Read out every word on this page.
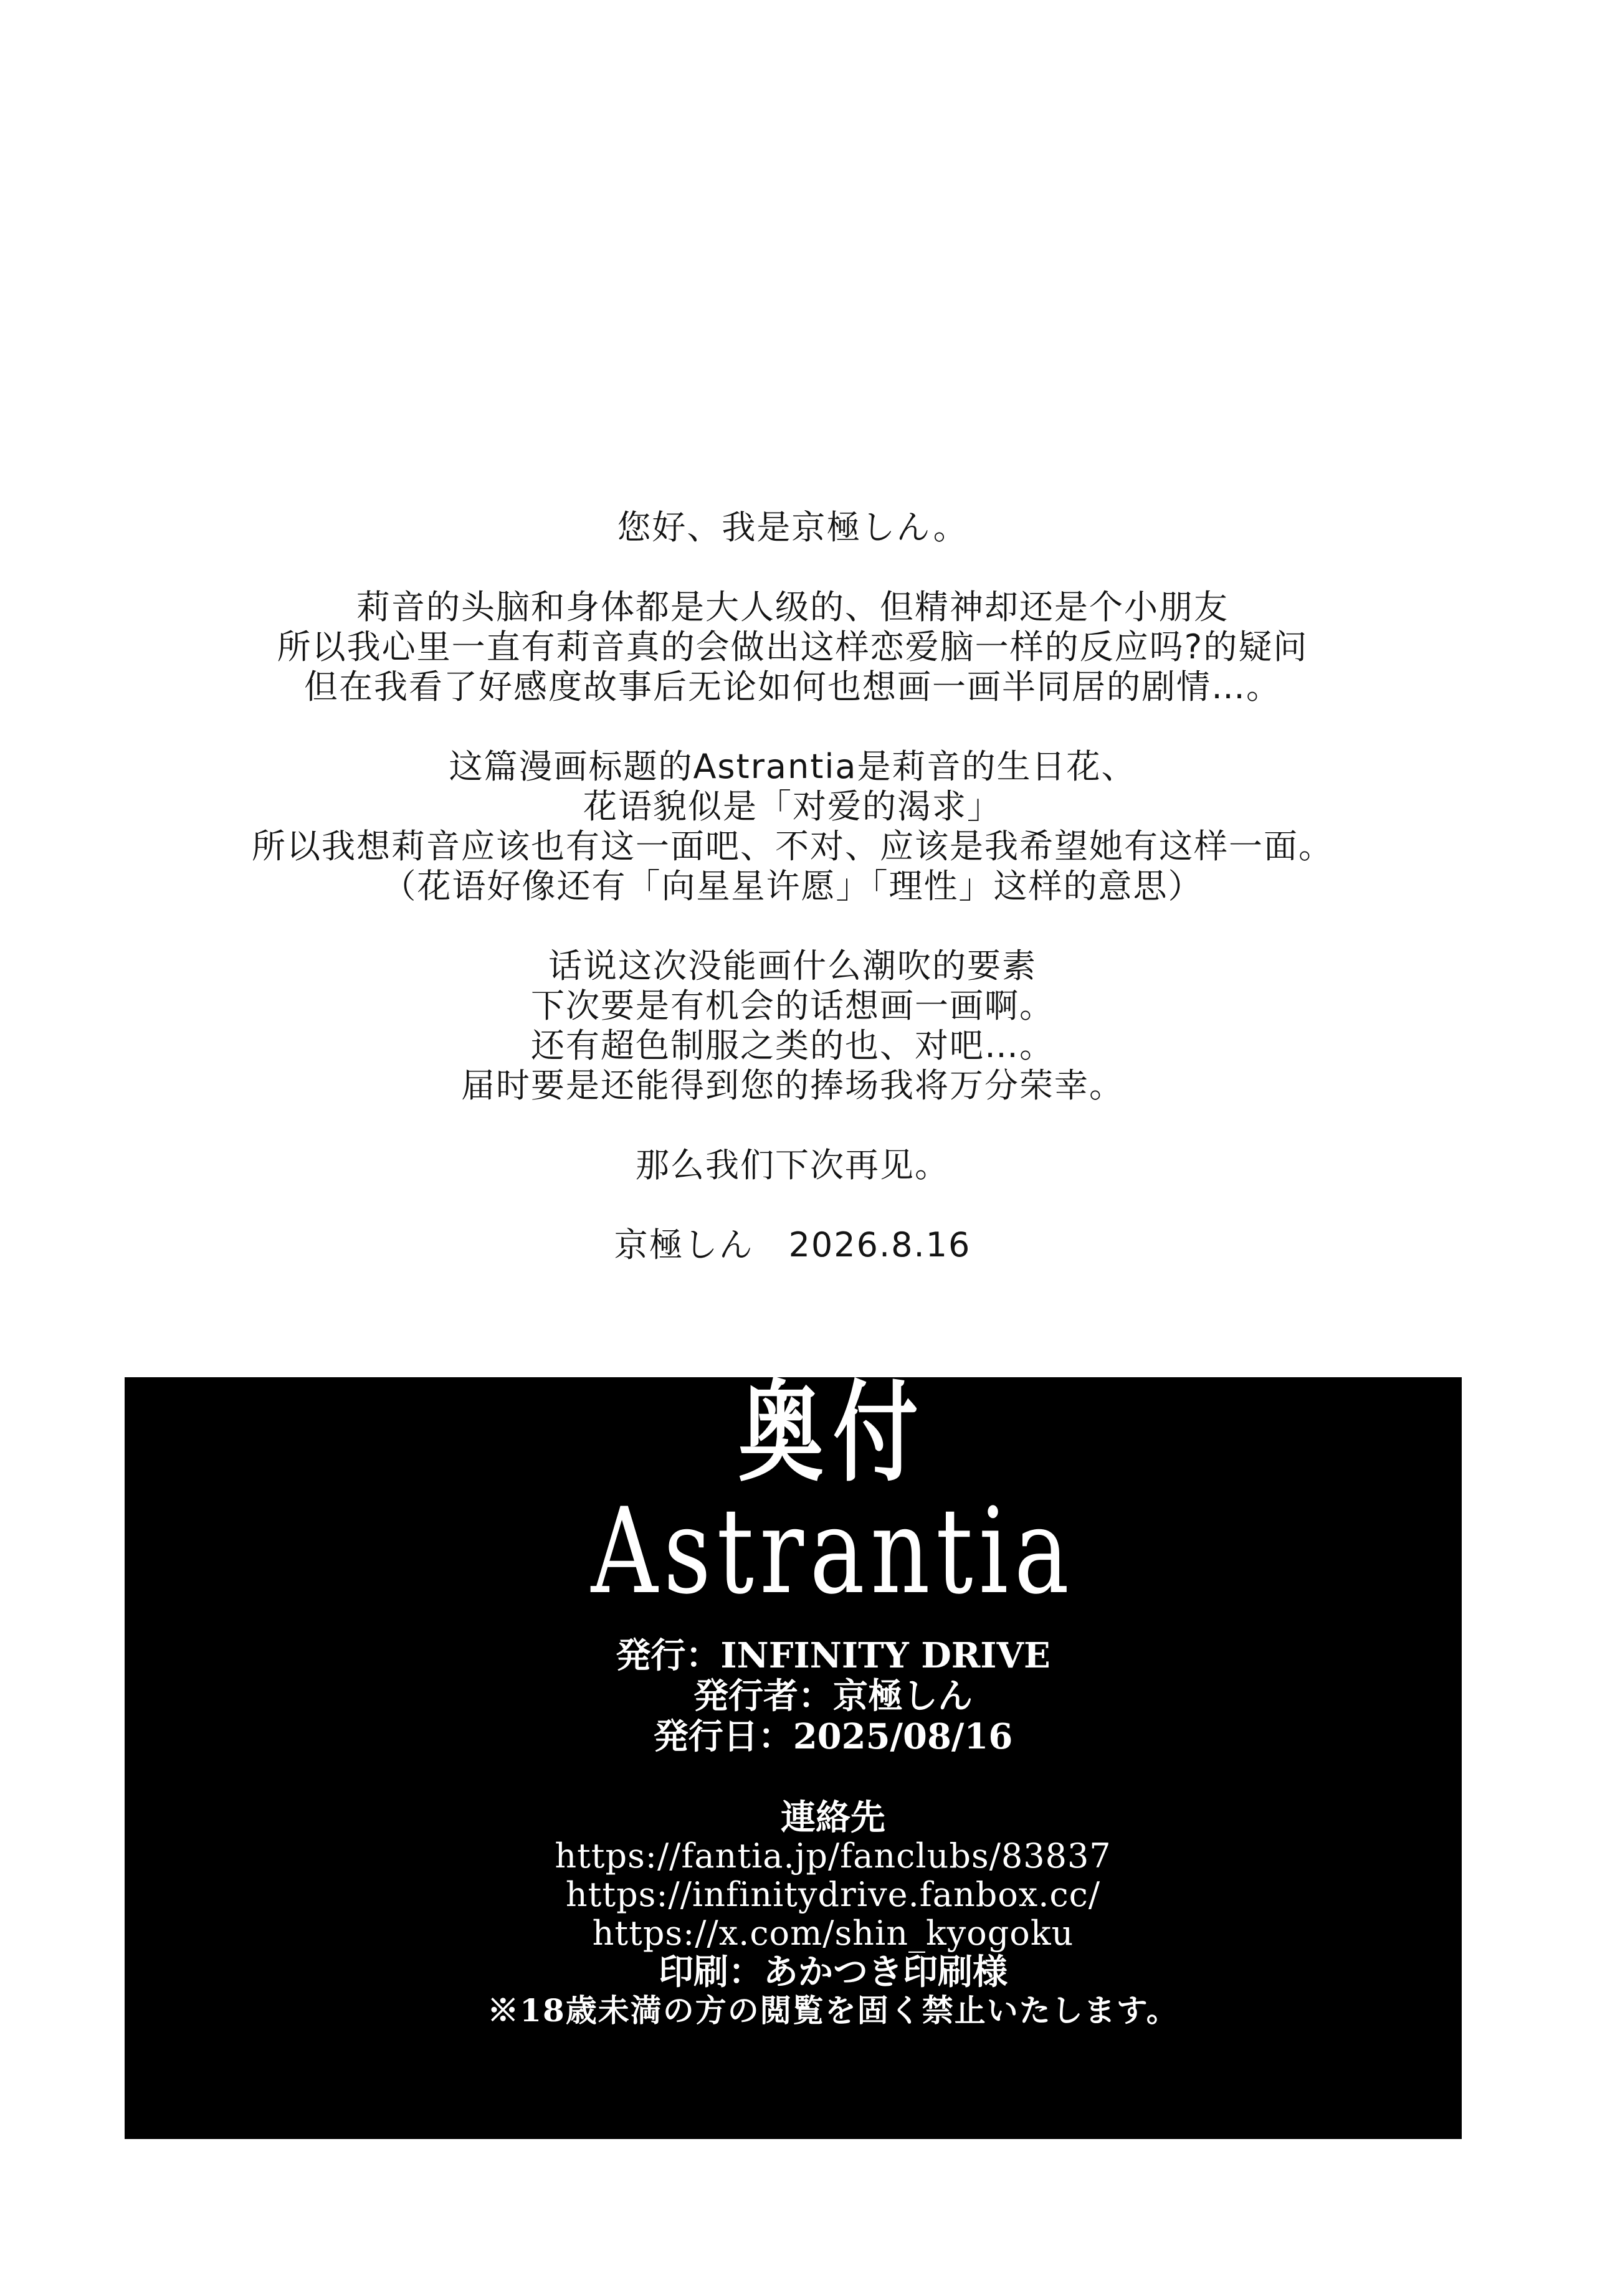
您好、我是京極しん。

莉音的头脑和身体都是大人级的、但精神却还是个小朋友

所以我心里一直有莉音真的会做出这样恋爱脑一样的反应吗?的疑问

但在我看了好感度故事后无论如何也想画一画半同居的剧情…。

这篇漫画标题的Astrantia是莉音的生日花、

花语貌似是「对爱的渴求」

所以我想莉音应该也有这一面吧、不对、应该是我希望她有这样一面。

（花语好像还有「向星星许愿」「理性」这样的意思）

话说这次没能画什么潮吹的要素

下次要是有机会的话想画一画啊。

还有超色制服之类的也、对吧…。

届时要是还能得到您的捧场我将万分荣幸。

那么我们下次再见。

京極しん　2026.8.16

奥付
Astrantia

発行：INFINITY DRIVE

発行者：京極しん

発行日：2025/08/16

連絡先

https://fantia.jp/fanclubs/83837

https://infinitydrive.fanbox.cc/

https://x.com/shin_kyogoku

印刷：あかつき印刷様

※18歳未満の方の閲覧を固く禁止いたします。
